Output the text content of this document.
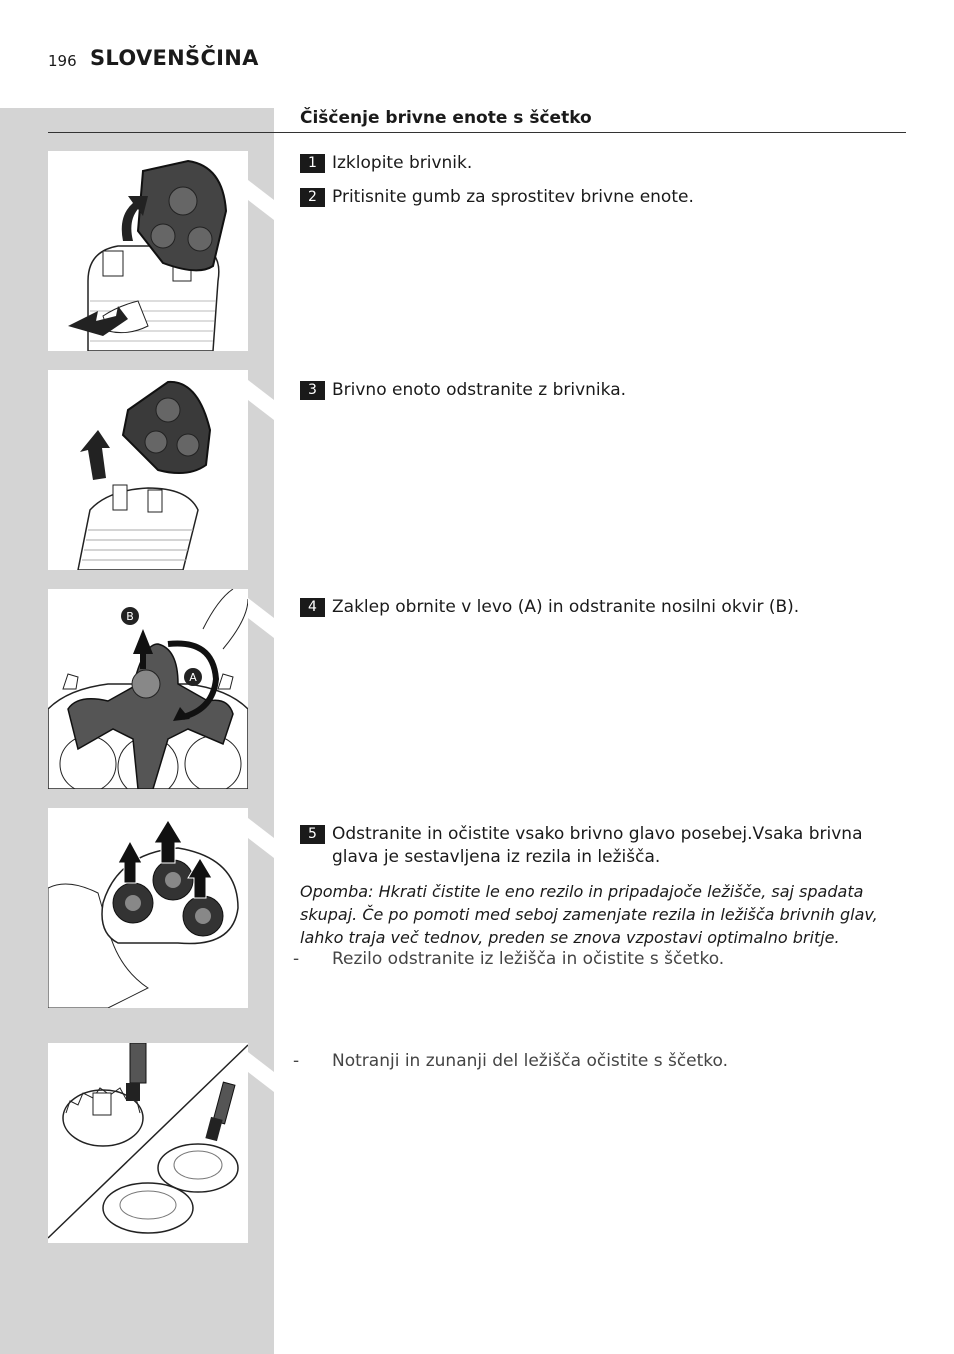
196 SLOVENŠČINA
Čiščenje brivne enote s ščetko
B
A
1 Izklopite brivnik.
2 Pritisnite gumb za sprostitev brivne enote.
3 Brivno enoto odstranite z brivnika.
4 Zaklep obrnite v levo (A) in odstranite nosilni okvir (B).
5 Odstranite in očistite vsako brivno glavo posebej.Vsaka brivna glava je sestavljena iz rezila in ležišča.
Opomba: Hkrati čistite le eno rezilo in pripadajoče ležišče, saj spadata skupaj. Če po pomoti med seboj zamenjate rezila in ležišča brivnih glav, lahko traja več tednov, preden se znova vzpostavi optimalno britje.
- Rezilo odstranite iz ležišča in očistite s ščetko.
- Notranji in zunanji del ležišča očistite s ščetko.
